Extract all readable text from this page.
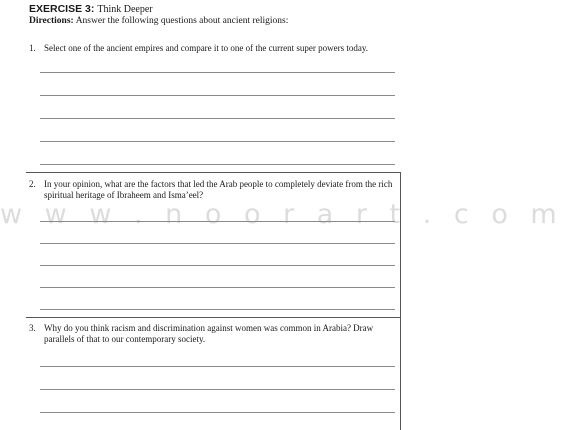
EXERCISE 3: Think Deeper
Directions: Answer the following questions about ancient religions:
1. Select one of the ancient empires and compare it to one of the current super powers today.
2. In your opinion, what are the factors that led the Arab people to completely deviate from the rich spiritual heritage of Ibraheem and Isma’eel?
3. Why do you think racism and discrimination against women was common in Arabia? Draw parallels of that to our contemporary society.
w w w . n o o r a r t . c o m
